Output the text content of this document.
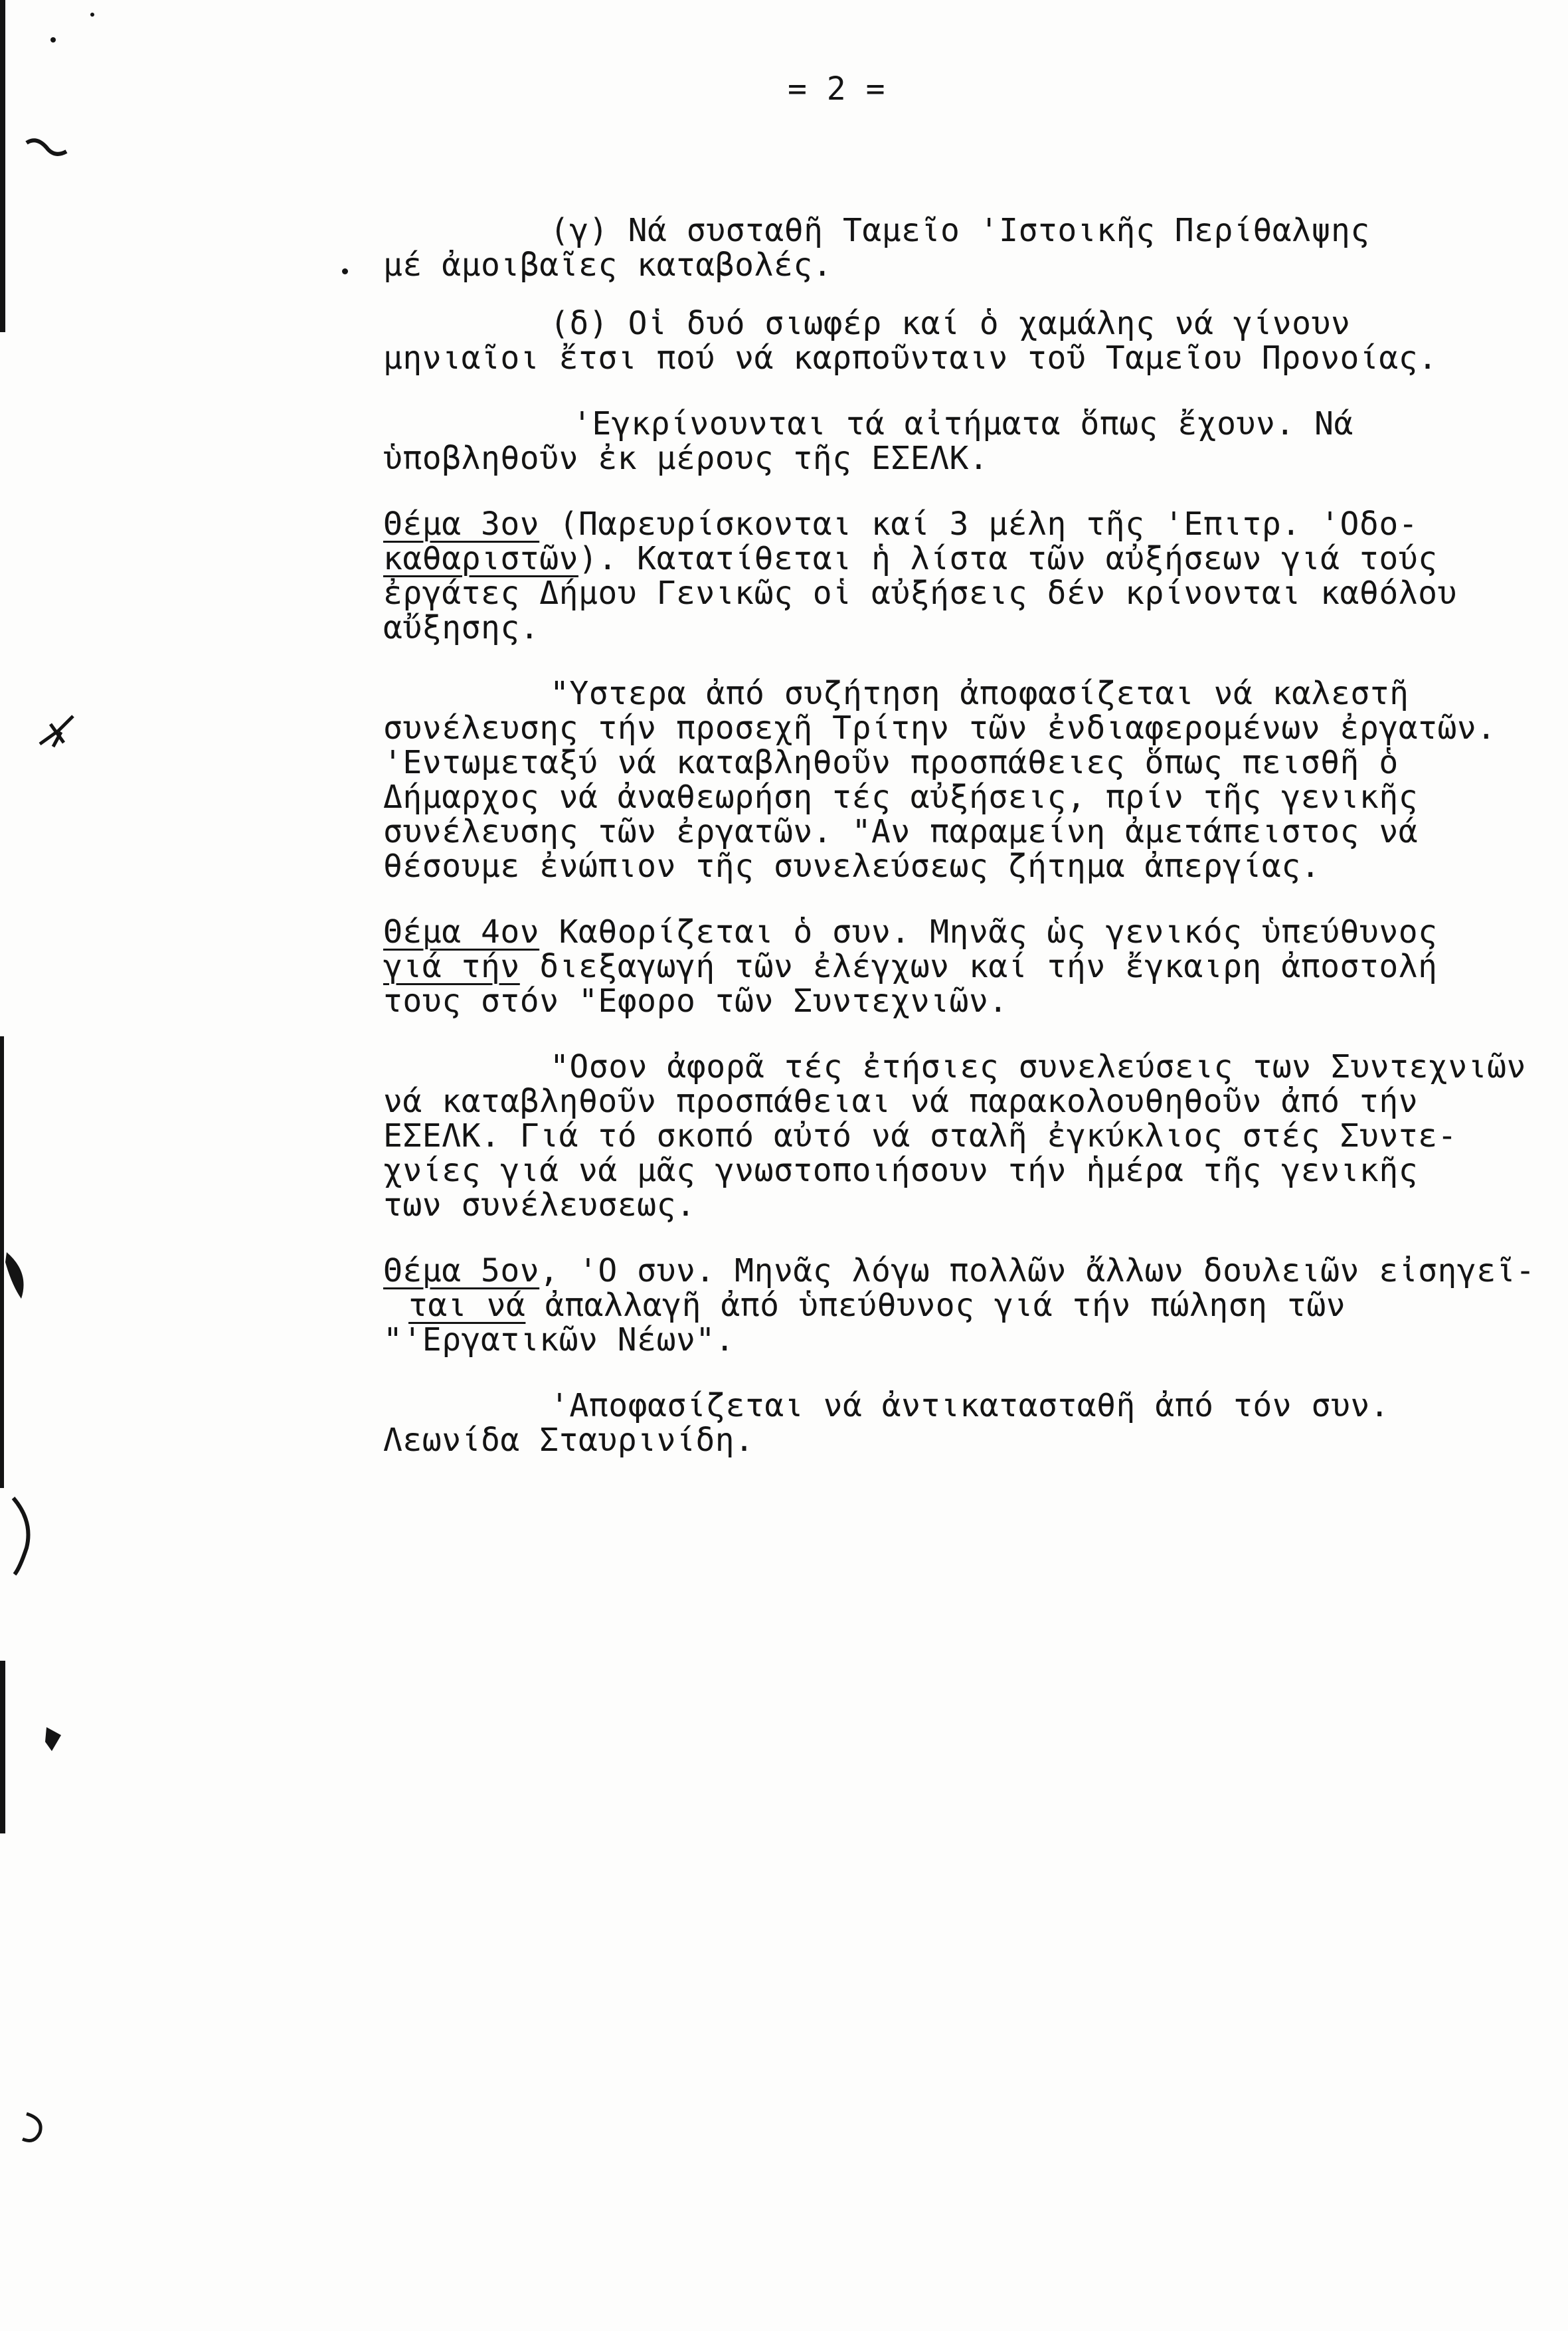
= 2 =
(γ) Νά συσταθῆ Ταμεῖο 'Ιστοικῆς Περίθαλψης
μέ ἀμοιβαῖες καταβολές.
(δ) Οἱ δυό σιωφέρ καί ὁ χαμάλης νά γίνουν
μηνιαῖοι ἔτσι πού νά καρποῦνταιν τοῦ Ταμεῖου Προνοίας.
'Εγκρίνουνται τά αἰτήματα ὅπως ἔχουν. Νά
ὑποβληθοῦν ἐκ μέρους τῆς ΕΣΕΛΚ.
Θέμα 3ον (Παρευρίσκονται καί 3 μέλη τῆς 'Επιτρ. 'Οδο-
καθαριστῶν). Κατατίθεται ἡ λίστα τῶν αὐξήσεων γιά τούς
ἐργάτες Δήμου Γενικῶς οἱ αὐξήσεις δέν κρίνονται καθόλου
αὔξησης.
"Υστερα ἀπό συζήτηση ἀποφασίζεται νά καλεστῆ
συνέλευσης τήν προσεχῆ Τρίτην τῶν ἐνδιαφερομένων ἐργατῶν.
'Εντωμεταξύ νά καταβληθοῦν προσπάθειες ὅπως πεισθῆ ὁ
Δήμαρχος νά ἀναθεωρήση τές αὐξήσεις, πρίν τῆς γενικῆς
συνέλευσης τῶν ἐργατῶν. "Αν παραμείνη ἀμετάπειστος νά
θέσουμε ἐνώπιον τῆς συνελεύσεως ζήτημα ἀπεργίας.
Θέμα 4ον Καθορίζεται ὁ συν. Μηνᾶς ὡς γενικός ὑπεύθυνος
γιά τήν διεξαγωγή τῶν ἐλέγχων καί τήν ἔγκαιρη ἀποστολή
τους στόν "Εφορο τῶν Συντεχνιῶν.
"Οσον ἀφορᾶ τές ἐτήσιες συνελεύσεις των Συντεχνιῶν
νά καταβληθοῦν προσπάθειαι νά παρακολουθηθοῦν ἀπό τήν
ΕΣΕΛΚ. Γιά τό σκοπό αὐτό νά σταλῆ ἐγκύκλιος στές Συντε-
χνίες γιά νά μᾶς γνωστοποιήσουν τήν ἡμέρα τῆς γενικῆς
των συνέλευσεως.
Θέμα 5ον, 'Ο συν. Μηνᾶς λόγω πολλῶν ἄλλων δουλειῶν εἰσηγεῖ-
ται νά ἀπαλλαγῆ ἀπό ὑπεύθυνος γιά τήν πώληση τῶν
"'Εργατικῶν Νέων".
'Αποφασίζεται νά ἀντικατασταθῆ ἀπό τόν συν.
Λεωνίδα Σταυρινίδη.
